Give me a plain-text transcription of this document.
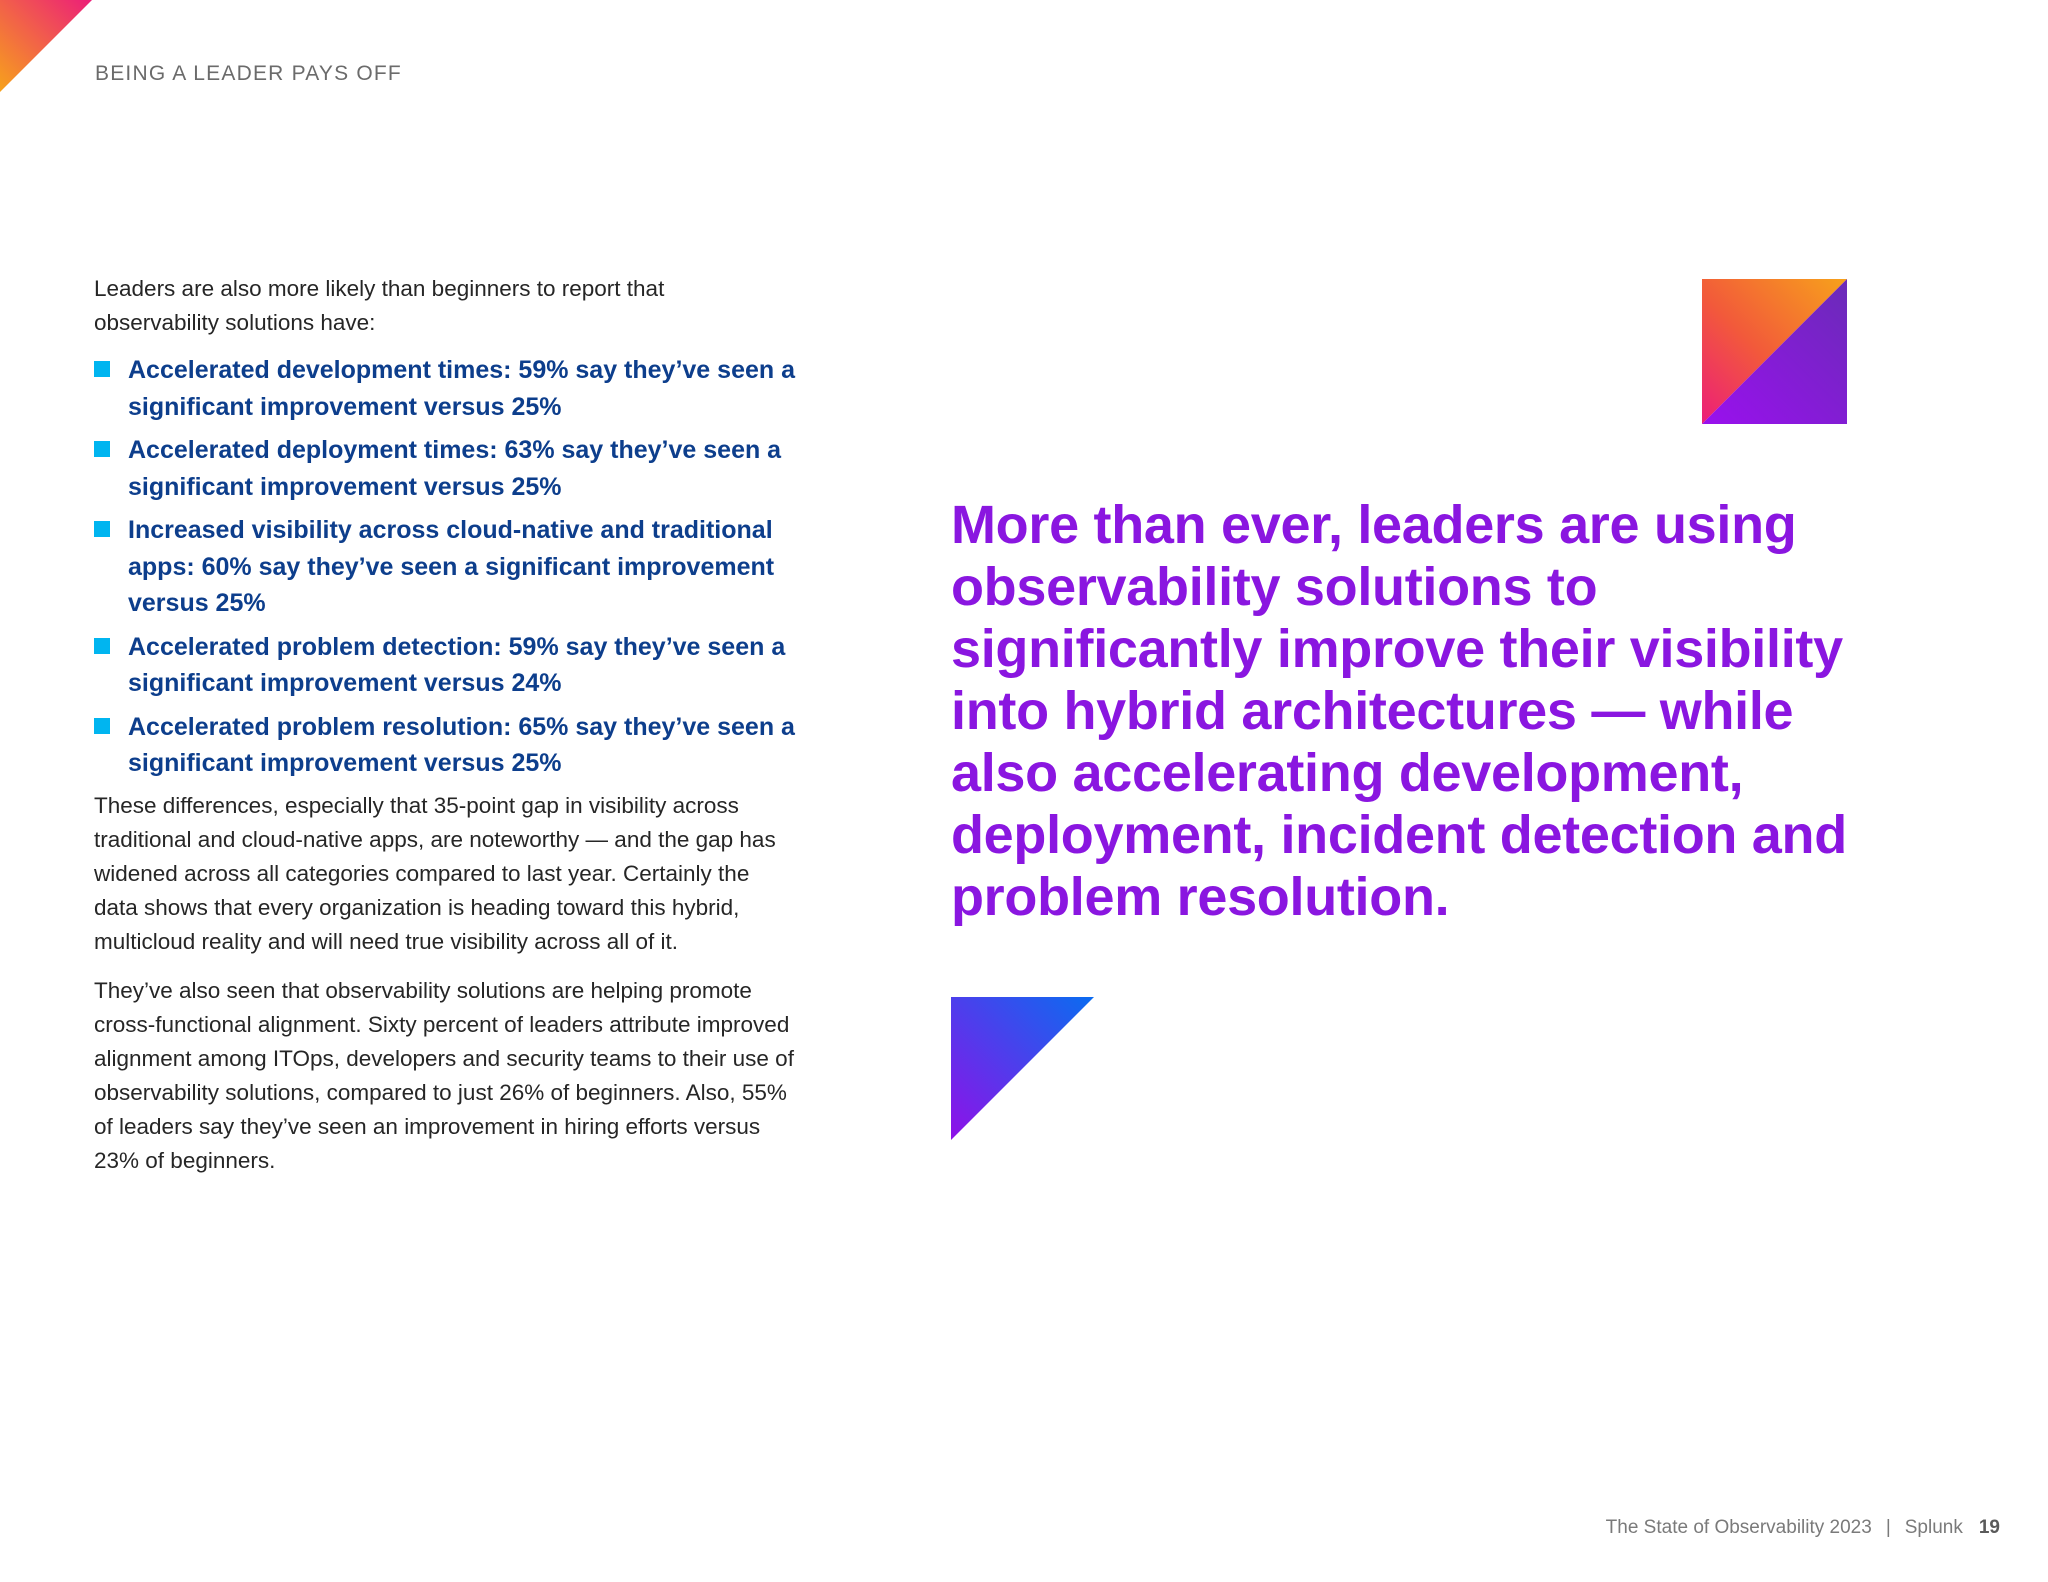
BEING A LEADER PAYS OFF

Leaders are also more likely than beginners to report that observability solutions have:

Accelerated development times: 59% say they’ve seen a significant improvement versus 25%
Accelerated deployment times: 63% say they’ve seen a significant improvement versus 25%
Increased visibility across cloud-native and traditional apps: 60% say they’ve seen a significant improvement versus 25%
Accelerated problem detection: 59% say they’ve seen a significant improvement versus 24%
Accelerated problem resolution: 65% say they’ve seen a significant improvement versus 25%

These differences, especially that 35-point gap in visibility across traditional and cloud-native apps, are noteworthy — and the gap has widened across all categories compared to last year. Certainly the data shows that every organization is heading toward this hybrid, multicloud reality and will need true visibility across all of it.

They’ve also seen that observability solutions are helping promote cross-functional alignment. Sixty percent of leaders attribute improved alignment among ITOps, developers and security teams to their use of observability solutions, compared to just 26% of beginners. Also, 55% of leaders say they’ve seen an improvement in hiring efforts versus 23% of beginners.

More than ever, leaders are using observability solutions to significantly improve their visibility into hybrid architectures — while also accelerating development, deployment, incident detection and problem resolution.
The State of Observability 2023 | Splunk 19
